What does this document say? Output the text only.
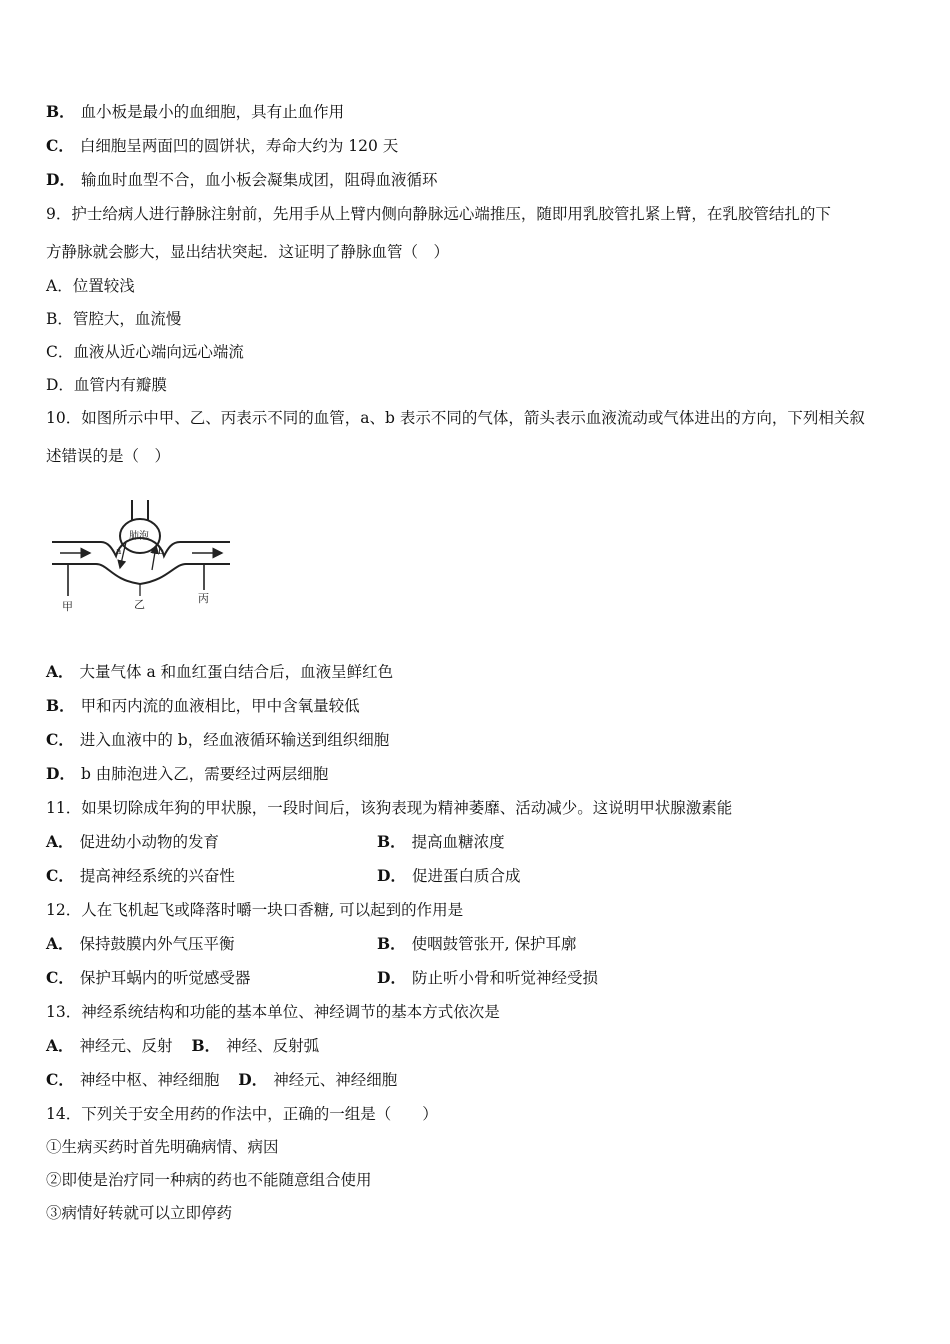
B． 血小板是最小的血细胞，具有止血作用
C． 白细胞呈两面凹的圆饼状，寿命大约为 120 天
D． 输血时血型不合，血小板会凝集成团，阻碍血液循环
9．护士给病人进行静脉注射前，先用手从上臂内侧向静脉远心端推压，随即用乳胶管扎紧上臂，在乳胶管结扎的下
方静脉就会膨大，显出结状突起．这证明了静脉血管（　）
A．位置较浅
B．管腔大，血流慢
C．血液从近心端向远心端流
D．血管内有瓣膜
10．如图所示中甲、乙、丙表示不同的血管，a、b 表示不同的气体，箭头表示血液流动或气体进出的方向，下列相关叙
述错误的是（　）
肺泡
a	b
甲	乙	丙
A． 大量气体 a 和血红蛋白结合后，血液呈鲜红色
B． 甲和丙内流的血液相比，甲中含氧量较低
C． 进入血液中的 b，经血液循环输送到组织细胞
D． b 由肺泡进入乙，需要经过两层细胞
11．如果切除成年狗的甲状腺，一段时间后，该狗表现为精神萎靡、活动减少。这说明甲状腺激素能
A． 促进幼小动物的发育	B． 提高血糖浓度
C． 提高神经系统的兴奋性	D． 促进蛋白质合成
12．人在飞机起飞或降落时嚼一块口香糖, 可以起到的作用是
A． 保持鼓膜内外气压平衡	B． 使咽鼓管张开, 保护耳廓
C． 保护耳蜗内的听觉感受器	D． 防止听小骨和听觉神经受损
13．神经系统结构和功能的基本单位、神经调节的基本方式依次是
A． 神经元、反射 B． 神经、反射弧
C． 神经中枢、神经细胞 D． 神经元、神经细胞
14．下列关于安全用药的作法中，正确的一组是（　　）
①生病买药时首先明确病情、病因
②即使是治疗同一种病的药也不能随意组合使用
③病情好转就可以立即停药
